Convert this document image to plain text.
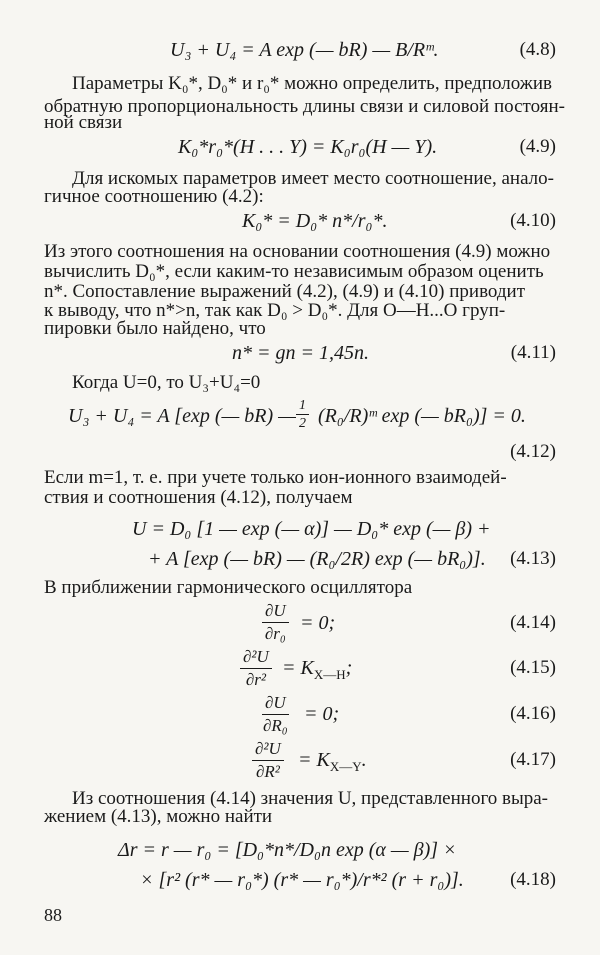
U₃ + U₄ = A exp (— bR) — B/Rᵐ.	(4.8)
Параметры K₀*, D₀* и r₀* можно определить, предположив
обратную пропорциональность длины связи и силовой постоян-
ной связи
K₀*r₀*(H . . . Y) = K₀r₀(H — Y).	(4.9)
Для искомых параметров имеет место соотношение, анало-
гичное соотношению (4.2):
K₀* = D₀* n*/r₀*.	(4.10)
Из этого соотношения на основании соотношения (4.9) можно
вычислить D₀*, если каким-то независимым образом оценить
n*. Сопоставление выражений (4.2), (4.9) и (4.10) приводит
к выводу, что n*>n, так как D₀ > D₀*. Для O—H...O груп-
пировки было найдено, что
n* = gn = 1,45n.	(4.11)
Когда U=0, то U₃+U₄=0
U₃ + U₄ = A [exp (— bR) — $\frac{1}{2}$ (R₀/R)ᵐ exp (— bR₀)] = 0.
(4.12)
Если m=1, т. е. при учете только ион-ионного взаимодей-
ствия и соотношения (4.12), получаем
U = D₀ [1 — exp (— α)] — D₀* exp (— β) +
+ A [exp (— bR) — (R₀/2R) exp (— bR₀)]. (4.13)
В приближении гармонического осциллятора
$\frac{\partial U}{\text{∂r₀}} = 0$;	(4.14)
$\frac{\text{∂²U}}{\text{∂r²}} = K_{X—H}$;	(4.15)
$\frac{\partial U}{\text{∂R₀}} = 0$;	(4.16)
$\frac{\text{∂²U}}{\text{∂R²}} = K_{X—Y}$.	(4.17)
Из соотношения (4.14) значения U, представленного выра-
жением (4.13), можно найти
Δr = r — r₀ = [D₀*n*/D₀n exp (α — β)] ×
× [r² (r* — r₀*) (r* — r₀*)/r*² (r + r₀)]. (4.18)
88
